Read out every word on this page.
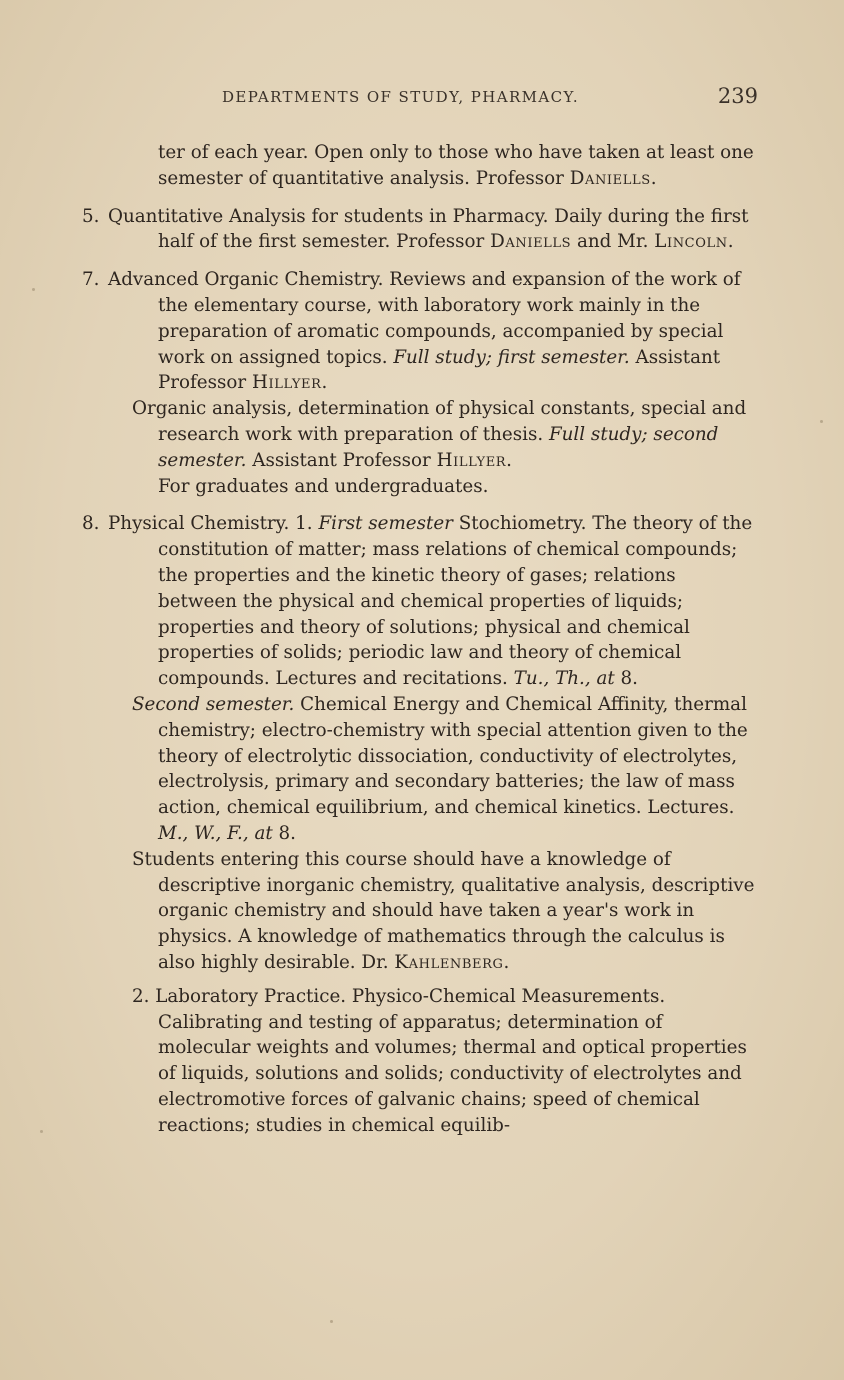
DEPARTMENTS OF STUDY, PHARMACY.	239

ter of each year. Open only to those who have taken at least one semester of quantitative analysis. Professor Daniells.

5. Quantitative Analysis for students in Pharmacy. Daily during the first half of the first semester. Professor Daniells and Mr. Lincoln.

7. Advanced Organic Chemistry. Reviews and expansion of the work of the elementary course, with laboratory work mainly in the preparation of aromatic compounds, accompanied by special work on assigned topics. Full study; first semester. Assistant Professor Hillyer.

Organic analysis, determination of physical constants, special and research work with preparation of thesis. Full study; second semester. Assistant Professor Hillyer.

For graduates and undergraduates.

8. Physical Chemistry. 1. First semester Stochiometry. The theory of the constitution of matter; mass relations of chemical compounds; the properties and the kinetic theory of gases; relations between the physical and chemical properties of liquids; properties and theory of solutions; physical and chemical properties of solids; periodic law and theory of chemical compounds. Lectures and recitations. Tu., Th., at 8.

Second semester. Chemical Energy and Chemical Affinity, thermal chemistry; electro-chemistry with special attention given to the theory of electrolytic dissociation, conductivity of electrolytes, electrolysis, primary and secondary batteries; the law of mass action, chemical equilibrium, and chemical kinetics. Lectures. M., W., F., at 8.

Students entering this course should have a knowledge of descriptive inorganic chemistry, qualitative analysis, descriptive organic chemistry and should have taken a year's work in physics. A knowledge of mathematics through the calculus is also highly desirable. Dr. Kahlenberg.

2. Laboratory Practice. Physico-Chemical Measurements. Calibrating and testing of apparatus; determination of molecular weights and volumes; thermal and optical properties of liquids, solutions and solids; conductivity of electrolytes and electromotive forces of galvanic chains; speed of chemical reactions; studies in chemical equilib-
